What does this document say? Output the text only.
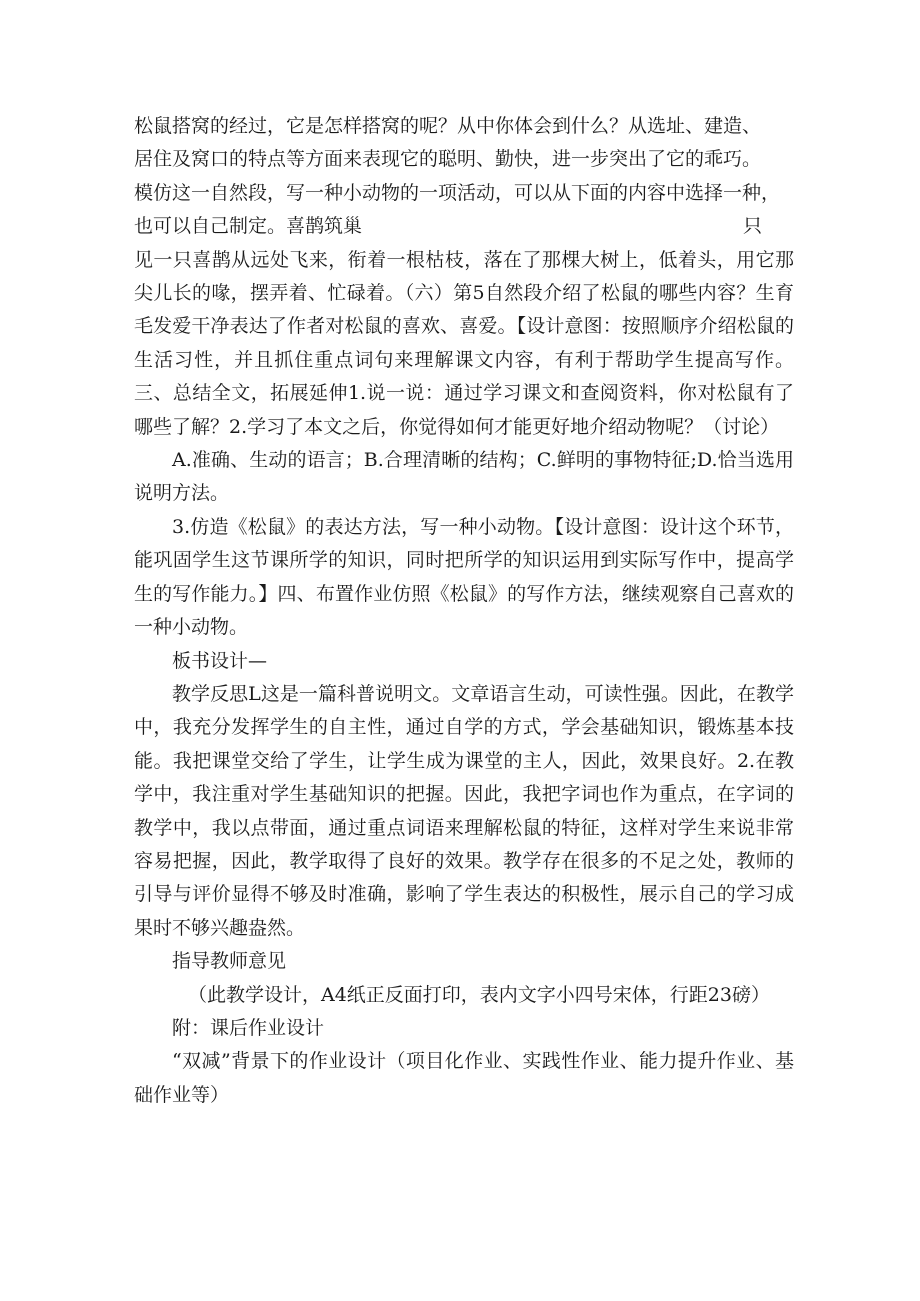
松鼠搭窝的经过，它是怎样搭窝的呢？从中你体会到什么？从选址、建造、
居住及窝口的特点等方面来表现它的聪明、勤快，进一步突出了它的乖巧。
模仿这一自然段，写一种小动物的一项活动，可以从下面的内容中选择一种，
也可以自己制定。喜鹊筑巢	只
见一只喜鹊从远处飞来，衔着一根枯枝，落在了那棵大树上，低着头，用它那尖儿长的喙，摆弄着、忙碌着。（六）第5自然段介绍了松鼠的哪些内容？生育毛发爱干净表达了作者对松鼠的喜欢、喜爱。【设计意图：按照顺序介绍松鼠的生活习性，并且抓住重点词句来理解课文内容，有利于帮助学生提高写作。三、总结全文，拓展延伸1.说一说：通过学习课文和查阅资料，你对松鼠有了哪些了解？2.学习了本文之后，你觉得如何才能更好地介绍动物呢？（讨论）

A.准确、生动的语言；B.合理清晰的结构；C.鲜明的事物特征;D.恰当选用说明方法。

3.仿造《松鼠》的表达方法，写一种小动物。【设计意图：设计这个环节，能巩固学生这节课所学的知识，同时把所学的知识运用到实际写作中，提高学生的写作能力。】四、布置作业仿照《松鼠》的写作方法，继续观察自己喜欢的一种小动物。

板书设计—

教学反思L这是一篇科普说明文。文章语言生动，可读性强。因此，在教学中，我充分发挥学生的自主性，通过自学的方式，学会基础知识，锻炼基本技能。我把课堂交给了学生，让学生成为课堂的主人，因此，效果良好。2.在教学中，我注重对学生基础知识的把握。因此，我把字词也作为重点，在字词的教学中，我以点带面，通过重点词语来理解松鼠的特征，这样对学生来说非常容易把握，因此，教学取得了良好的效果。教学存在很多的不足之处，教师的引导与评价显得不够及时准确，影响了学生表达的积极性，展示自己的学习成果时不够兴趣盎然。

指导教师意见

（此教学设计，A4纸正反面打印，表内文字小四号宋体，行距23磅）

附：课后作业设计

“双减”背景下的作业设计（项目化作业、实践性作业、能力提升作业、基础作业等）
